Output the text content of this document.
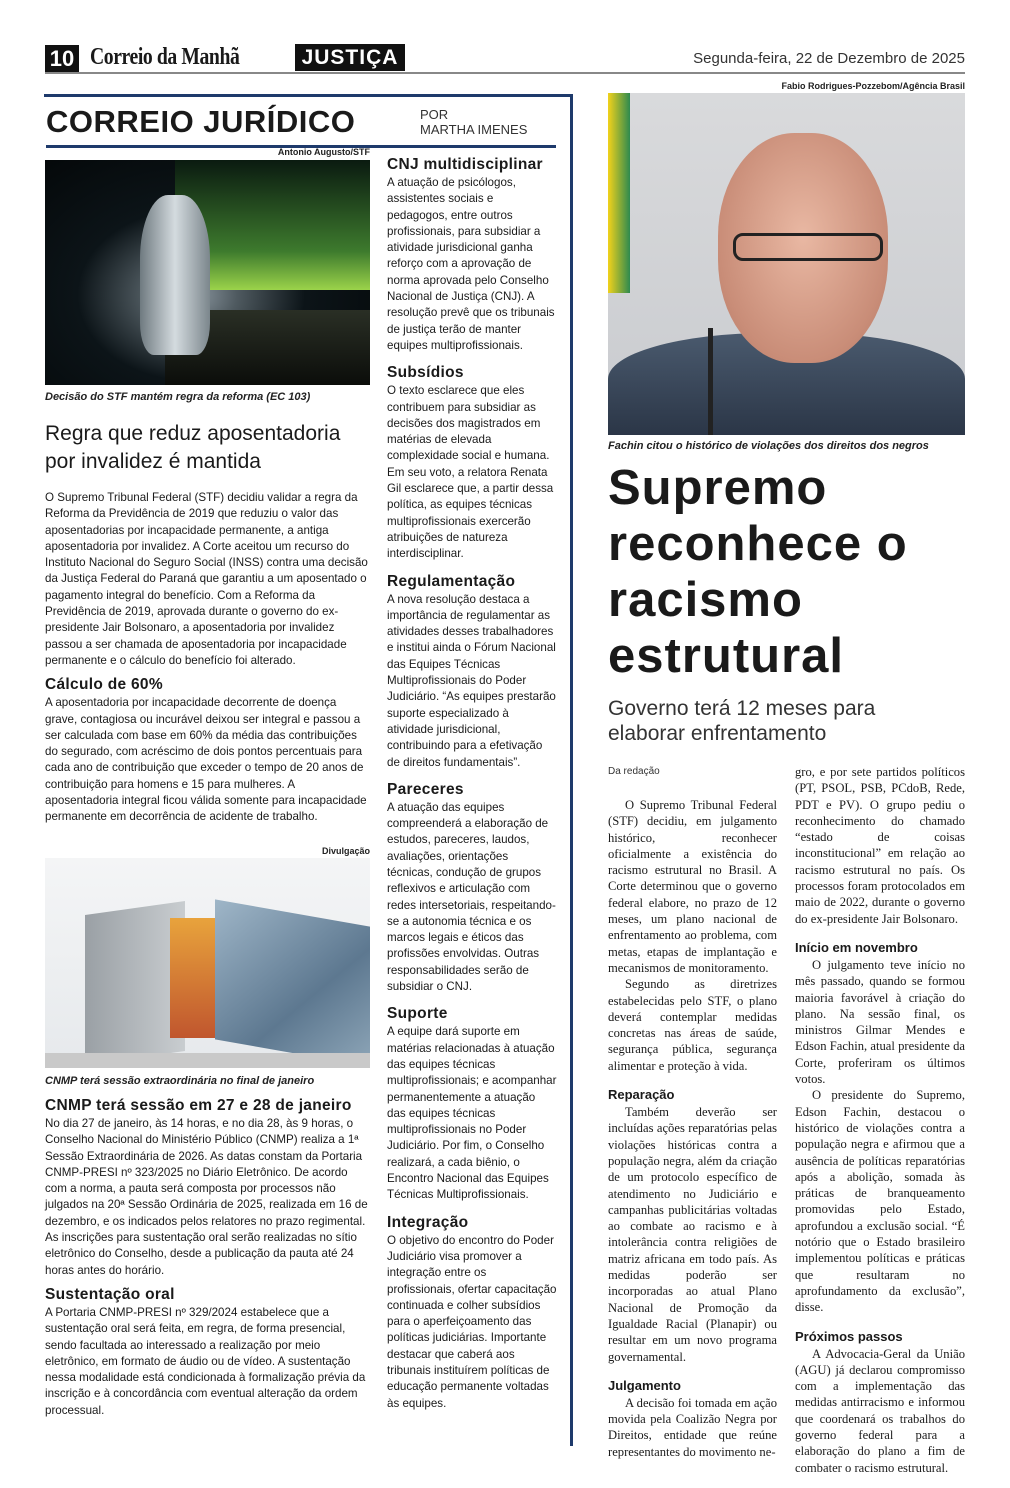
10 Correio da Manhã	JUSTIÇA	Segunda-feira, 22 de Dezembro de 2025
CORREIO JURÍDICO	POR
MARTHA IMENES
Antonio Augusto/STF
Decisão do STF mantém regra da reforma (EC 103)
Regra que reduz aposentadoria por invalidez é mantida

O Supremo Tribunal Federal (STF) decidiu validar a regra da Reforma da Previdência de 2019 que reduziu o valor das aposentadorias por incapacidade permanente, a antiga aposentadoria por invalidez. A Corte aceitou um recurso do Instituto Nacional do Seguro Social (INSS) contra uma decisão da Justiça Federal do Paraná que garantiu a um aposentado o pagamento integral do benefício. Com a Reforma da Previdência de 2019, aprovada durante o governo do ex-presidente Jair Bolsonaro, a aposentadoria por invalidez passou a ser chamada de aposentadoria por incapacidade permanente e o cálculo do benefício foi alterado.

Cálculo de 60%

A aposentadoria por incapacidade decorrente de doença grave, contagiosa ou incurável deixou ser integral e passou a ser calculada com base em 60% da média das contribuições do segurado, com acréscimo de dois pontos percentuais para cada ano de contribuição que exceder o tempo de 20 anos de contribuição para homens e 15 para mulheres. A aposentadoria integral ficou válida somente para incapacidade permanente em decorrência de acidente de trabalho.

Divulgação
CNMP terá sessão extraordinária no final de janeiro
CNMP terá sessão em 27 e 28 de janeiro

No dia 27 de janeiro, às 14 horas, e no dia 28, às 9 horas, o Conselho Nacional do Ministério Público (CNMP) realiza a 1ª Sessão Extraordinária de 2026. As datas constam da Portaria CNMP-PRESI nº 323/2025 no Diário Eletrônico. De acordo com a norma, a pauta será composta por processos não julgados na 20ª Sessão Ordinária de 2025, realizada em 16 de dezembro, e os indicados pelos relatores no prazo regimental. As inscrições para sustentação oral serão realizadas no sítio eletrônico do Conselho, desde a publicação da pauta até 24 horas antes do horário.

Sustentação oral

A Portaria CNMP-PRESI nº 329/2024 estabelece que a sustentação oral será feita, em regra, de forma presencial, sendo facultada ao interessado a realização por meio eletrônico, em formato de áudio ou de vídeo. A sustentação nessa modalidade está condicionada à formalização prévia da inscrição e à concordância com eventual alteração da ordem processual.

CNJ multidisciplinar

A atuação de psicólogos, assistentes sociais e pedagogos, entre outros profissionais, para subsidiar a atividade jurisdicional ganha reforço com a aprovação de norma aprovada pelo Conselho Nacional de Justiça (CNJ). A resolução prevê que os tribunais de justiça terão de manter equipes multiprofissionais.

Subsídios

O texto esclarece que eles contribuem para subsidiar as decisões dos magistrados em matérias de elevada complexidade social e humana. Em seu voto, a relatora Renata Gil esclarece que, a partir dessa política, as equipes técnicas multiprofissionais exercerão atribuições de natureza interdisciplinar.

Regulamentação

A nova resolução destaca a importância de regulamentar as atividades desses trabalhadores e institui ainda o Fórum Nacional das Equipes Técnicas Multiprofissionais do Poder Judiciário. “As equipes prestarão suporte especializado à atividade jurisdicional, contribuindo para a efetivação de direitos fundamentais”.

Pareceres

A atuação das equipes compreenderá a elaboração de estudos, pareceres, laudos, avaliações, orientações técnicas, condução de grupos reflexivos e articulação com redes intersetoriais, respeitando-se a autonomia técnica e os marcos legais e éticos das profissões envolvidas. Outras responsabilidades serão de subsidiar o CNJ.

Suporte

A equipe dará suporte em matérias relacionadas à atuação das equipes técnicas multiprofissionais; e acompanhar permanentemente a atuação das equipes técnicas multiprofissionais no Poder Judiciário. Por fim, o Conselho realizará, a cada biênio, o Encontro Nacional das Equipes Técnicas Multiprofissionais.

Integração

O objetivo do encontro do Poder Judiciário visa promover a integração entre os profissionais, ofertar capacitação continuada e colher subsídios para o aperfeiçoamento das políticas judiciárias. Importante destacar que caberá aos tribunais instituírem políticas de educação permanente voltadas às equipes.

Fabio Rodrigues-Pozzebom/Agência Brasil
Fachin citou o histórico de violações dos direitos dos negros
Supremo reconhece o racismo estrutural
Governo terá 12 meses para elaborar enfrentamento
Da redação

O Supremo Tribunal Federal (STF) decidiu, em julgamento histórico, reconhecer oficialmente a existência do racismo estrutural no Brasil. A Corte determinou que o governo federal elabore, no prazo de 12 meses, um plano nacional de enfrentamento ao problema, com metas, etapas de implantação e mecanismos de monitoramento.

Segundo as diretrizes estabelecidas pelo STF, o plano deverá contemplar medidas concretas nas áreas de saúde, segurança pública, segurança alimentar e proteção à vida.

Reparação

Também deverão ser incluídas ações reparatórias pelas violações históricas contra a população negra, além da criação de um protocolo específico de atendimento no Judiciário e campanhas publicitárias voltadas ao combate ao racismo e à intolerância contra religiões de matriz africana em todo país. As medidas poderão ser incorporadas ao atual Plano Nacional de Promoção da Igualdade Racial (Planapir) ou resultar em um novo programa governamental.

Julgamento

A decisão foi tomada em ação movida pela Coalizão Negra por Direitos, entidade que reúne representantes do movimento ne-

gro, e por sete partidos políticos (PT, PSOL, PSB, PCdoB, Rede, PDT e PV). O grupo pediu o reconhecimento do chamado “estado de coisas inconstitucional” em relação ao racismo estrutural no país. Os processos foram protocolados em maio de 2022, durante o governo do ex-presidente Jair Bolsonaro.

Início em novembro

O julgamento teve início no mês passado, quando se formou maioria favorável à criação do plano. Na sessão final, os ministros Gilmar Mendes e Edson Fachin, atual presidente da Corte, proferiram os últimos votos.

O presidente do Supremo, Edson Fachin, destacou o histórico de violações contra a população negra e afirmou que a ausência de políticas reparatórias após a abolição, somada às práticas de branqueamento promovidas pelo Estado, aprofundou a exclusão social. “É notório que o Estado brasileiro implementou políticas e práticas que resultaram no aprofundamento da exclusão”, disse.

Próximos passos

A Advocacia-Geral da União (AGU) já declarou compromisso com a implementação das medidas antirracismo e informou que coordenará os trabalhos do governo federal para a elaboração do plano a fim de combater o racismo estrutural.
